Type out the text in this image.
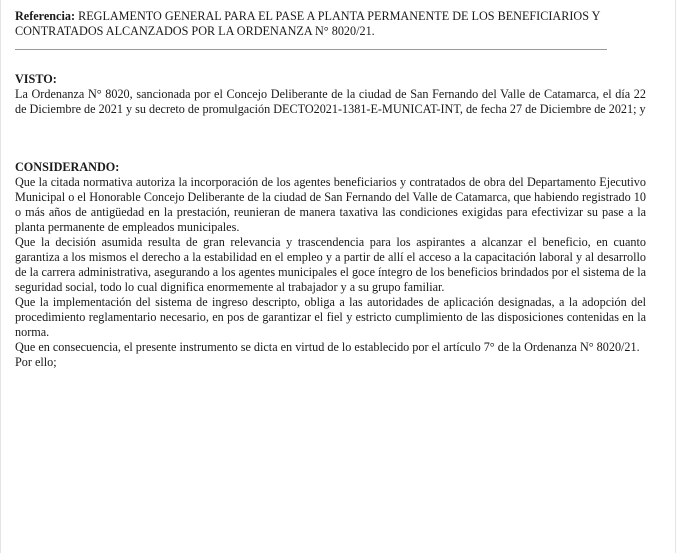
Referencia: REGLAMENTO GENERAL PARA EL PASE A PLANTA PERMANENTE DE LOS BENEFICIARIOS Y CONTRATADOS ALCANZADOS POR LA ORDENANZA N° 8020/21.

VISTO:

La Ordenanza N° 8020, sancionada por el Concejo Deliberante de la ciudad de San Fernando del Valle de Catamarca, el día 22 de Diciembre de 2021 y su decreto de promulgación DECTO2021-1381-E-MUNICAT-INT, de fecha 27 de Diciembre de 2021; y

CONSIDERANDO:

Que la citada normativa autoriza la incorporación de los agentes beneficiarios y contratados de obra del Departamento Ejecutivo Municipal o el Honorable Concejo Deliberante de la ciudad de San Fernando del Valle de Catamarca, que habiendo registrado 10 o más años de antigüedad en la prestación, reunieran de manera taxativa las condiciones exigidas para efectivizar su pase a la planta permanente de empleados municipales.

Que la decisión asumida resulta de gran relevancia y trascendencia para los aspirantes a alcanzar el beneficio, en cuanto garantiza a los mismos el derecho a la estabilidad en el empleo y a partir de allí el acceso a la capacitación laboral y al desarrollo de la carrera administrativa, asegurando a los agentes municipales el goce íntegro de los beneficios brindados por el sistema de la seguridad social, todo lo cual dignifica enormemente al trabajador y a su grupo familiar.

Que la implementación del sistema de ingreso descripto, obliga a las autoridades de aplicación designadas, a la adopción del procedimiento reglamentario necesario, en pos de garantizar el fiel y estricto cumplimiento de las disposiciones contenidas en la norma.

Que en consecuencia, el presente instrumento se dicta en virtud de lo establecido por el artículo 7° de la Ordenanza N° 8020/21.

Por ello;
